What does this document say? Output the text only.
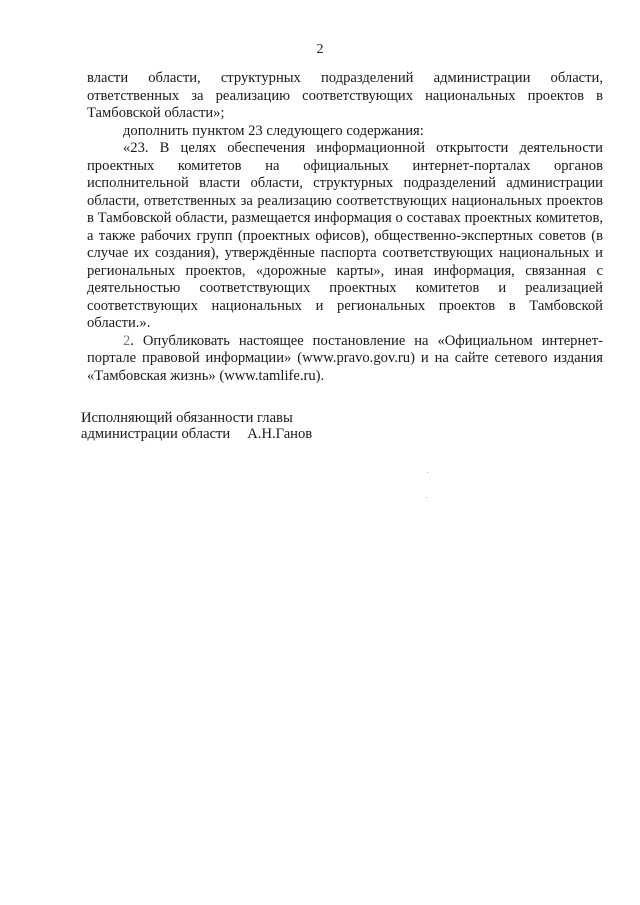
2

власти области, структурных подразделений администрации области, ответственных за реализацию соответствующих национальных проектов в Тамбовской области»;

дополнить пунктом 23 следующего содержания:

«23. В целях обеспечения информационной открытости деятельности проектных комитетов на официальных интернет-порталах органов исполнительной власти области, структурных подразделений администрации области, ответственных за реализацию соответствующих национальных проектов в Тамбовской области, размещается информация о составах проектных комитетов, а также рабочих групп (проектных офисов), общественно-экспертных советов (в случае их создания), утверждённые паспорта соответствующих национальных и региональных проектов, «дорожные карты», иная информация, связанная с деятельностью соответствующих проектных комитетов и реализацией соответствующих национальных и региональных проектов в Тамбовской области.».

2. Опубликовать настоящее постановление на «Официальном интернет-портале правовой информации» (www.pravo.gov.ru) и на сайте сетевого издания «Тамбовская жизнь» (www.tamlife.ru).

Исполняющий обязанности главы
администрации области А.Н.Ганов
